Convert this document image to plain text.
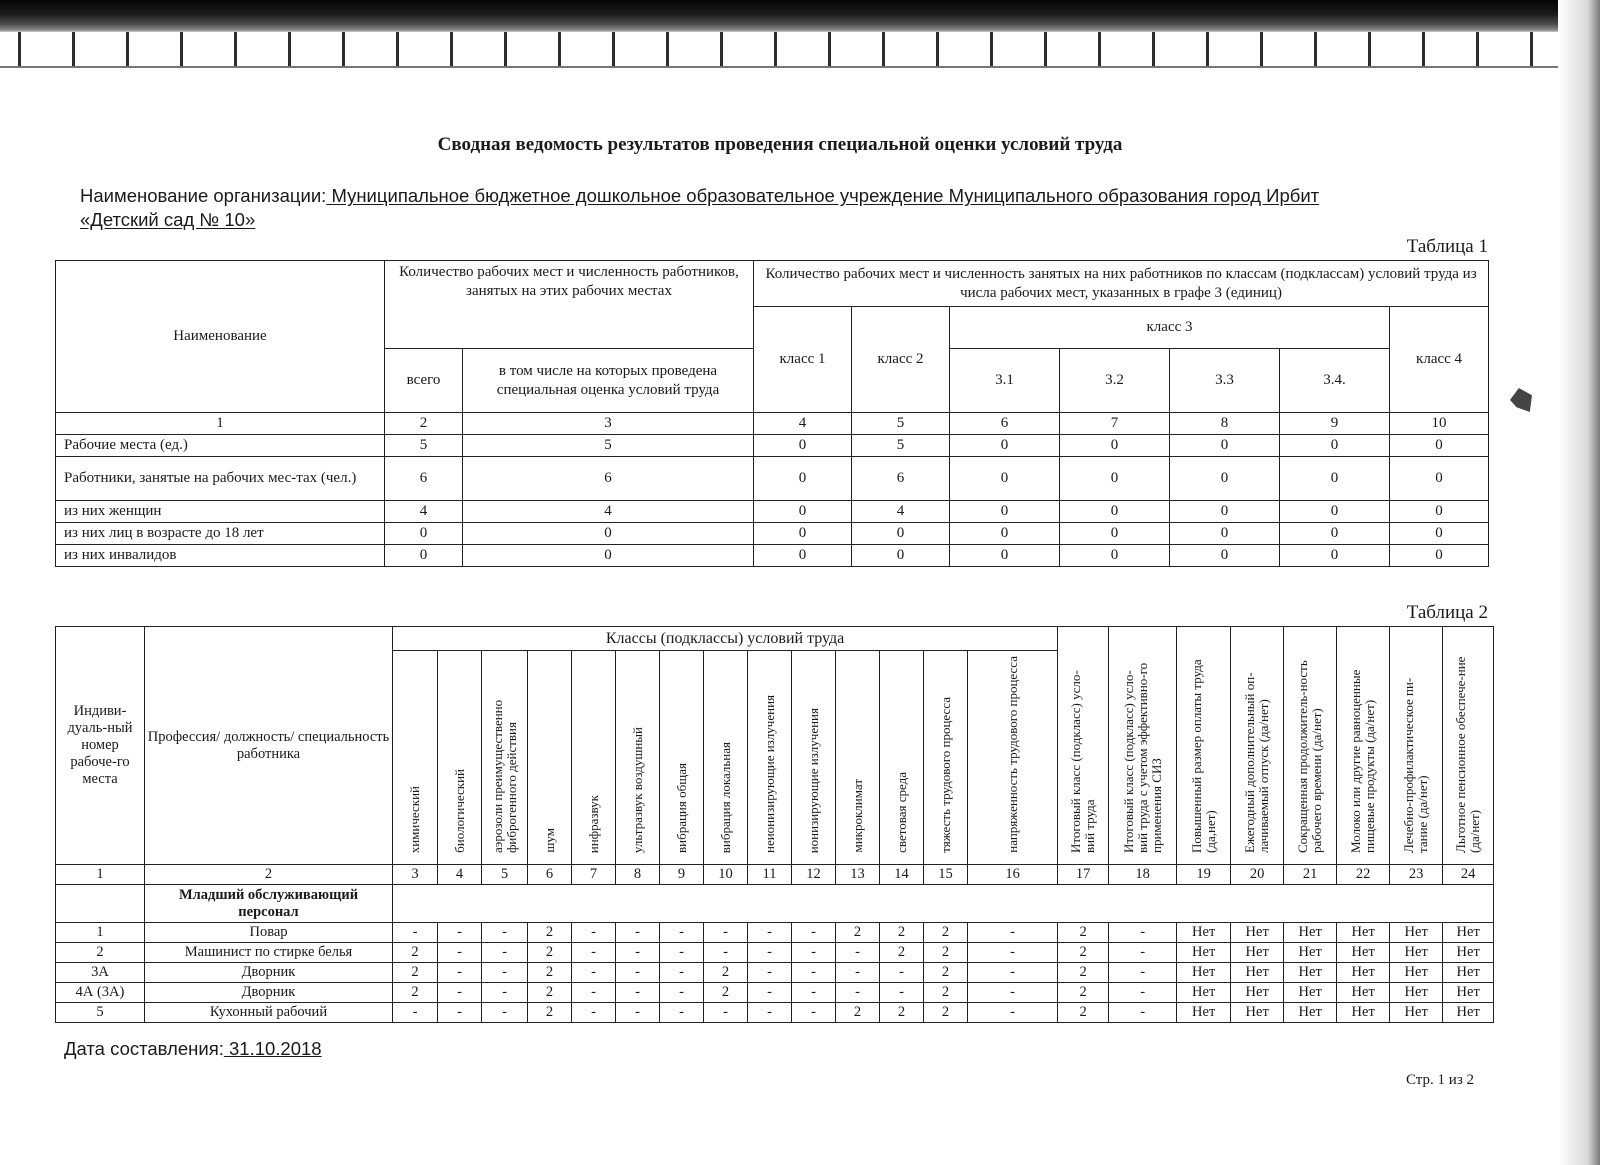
Сводная ведомость результатов проведения специальной оценки условий труда
Наименование организации: Муниципальное бюджетное дошкольное образовательное учреждение Муниципального образования город Ирбит
«Детский сад № 10»
Таблица 1
Наименование	Количество рабочих мест и численность работников, занятых на этих рабочих местах		Количество рабочих мест и численность занятых на них работников по классам (подклассам) условий труда из числа рабочих мест, указанных в графе 3 (единиц)						
			класс 1	класс 2	класс 3				класс 4
	всего	в том числе на которых проведена специальная оценка условий труда			3.1	3.2	3.3	3.4.	
1	2	3	4	5	6	7	8	9	10
Рабочие места (ед.)	5	5	0	5	0	0	0	0	0
Работники, занятые на рабочих мес-тах (чел.)	6	6	0	6	0	0	0	0	0
из них женщин	4	4	0	4	0	0	0	0	0
из них лиц в возрасте до 18 лет	0	0	0	0	0	0	0	0	0
из них инвалидов	0	0	0	0	0	0	0	0	0
Таблица 2
Индиви-дуаль-ный номер рабоче-го места	Профессия/ должность/ специальность работника	Классы (подклассы) условий труда														Итоговый класс (подкласс) усло-вий труда	Итоговый класс (подкласс) усло-вий труда с учетом эффективно-го применения СИЗ	Повышенный размер оплаты труда (да,нет)	Ежегодный дополнительный оп-лачиваемый отпуск (да/нет)	Сокращенная продолжитель-ность рабочего времени (да/нет)	Молоко или другие равноценные пищевые продукты (да/нет)	Лечебно-профилактическое пи-тание (да/нет)	Льготное пенсионное обеспече-ние (да/нет)
		химический	биологический	аэрозоли преимущественно фиброгенного действия	шум	инфразвук	ультразвук воздушный	вибрация общая	вибрация локальная	неионизирующие излучения	ионизирующие излучения	микроклимат	световая среда	тяжесть трудового процесса	напряженность трудового процесса								
1	2	3	4	5	6	7	8	9	10	11	12	13	14	15	16	17	18	19	20	21	22	23	24
	Младший обслуживающий персонал																						
1	Повар	-	-	-	2	-	-	-	-	-	-	2	2	2	-	2	-	Нет	Нет	Нет	Нет	Нет	Нет
2	Машинист по стирке белья	2	-	-	2	-	-	-	-	-	-	-	2	2	-	2	-	Нет	Нет	Нет	Нет	Нет	Нет
3А	Дворник	2	-	-	2	-	-	-	2	-	-	-	-	2	-	2	-	Нет	Нет	Нет	Нет	Нет	Нет
4А (3А)	Дворник	2	-	-	2	-	-	-	2	-	-	-	-	2	-	2	-	Нет	Нет	Нет	Нет	Нет	Нет
5	Кухонный рабочий	-	-	-	2	-	-	-	-	-	-	2	2	2	-	2	-	Нет	Нет	Нет	Нет	Нет	Нет
Дата составления: 31.10.2018
Стр. 1 из 2
